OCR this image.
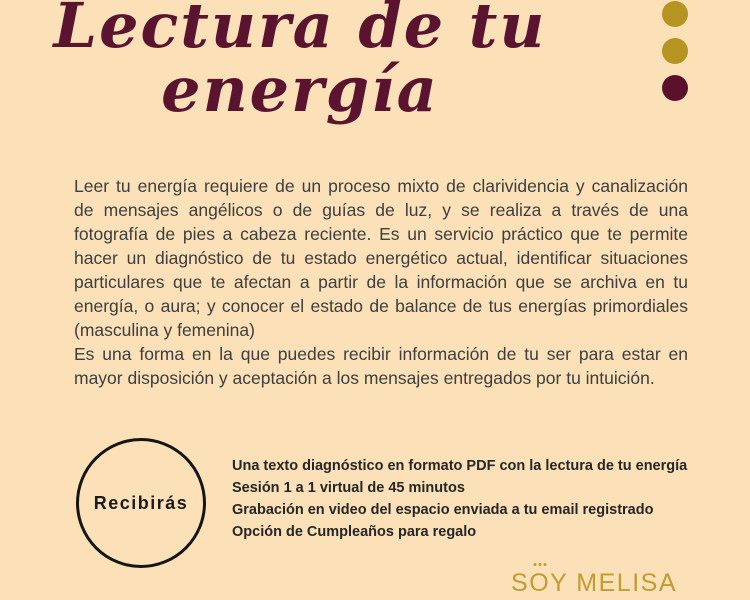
Lectura de tu
energía

Leer tu energía requiere de un proceso mixto de clarividencia y canalización de mensajes angélicos o de guías de luz, y se realiza a través de una fotografía de pies a cabeza reciente. Es un servicio práctico que te permite hacer un diagnóstico de tu estado energético actual, identificar situaciones particulares que te afectan a partir de la información que se archiva en tu energía, o aura; y conocer el estado de balance de tus energías primordiales (masculina y femenina)

Es una forma en la que puedes recibir información de tu ser para estar en mayor disposición y aceptación a los mensajes entregados por tu intuición.

Recibirás
Una texto diagnóstico en formato PDF con la lectura de tu energía
Sesión 1 a 1 virtual de 45 minutos
Grabación en video del espacio enviada a tu email registrado
Opción de Cumpleaños para regalo
S
OY MELISA
